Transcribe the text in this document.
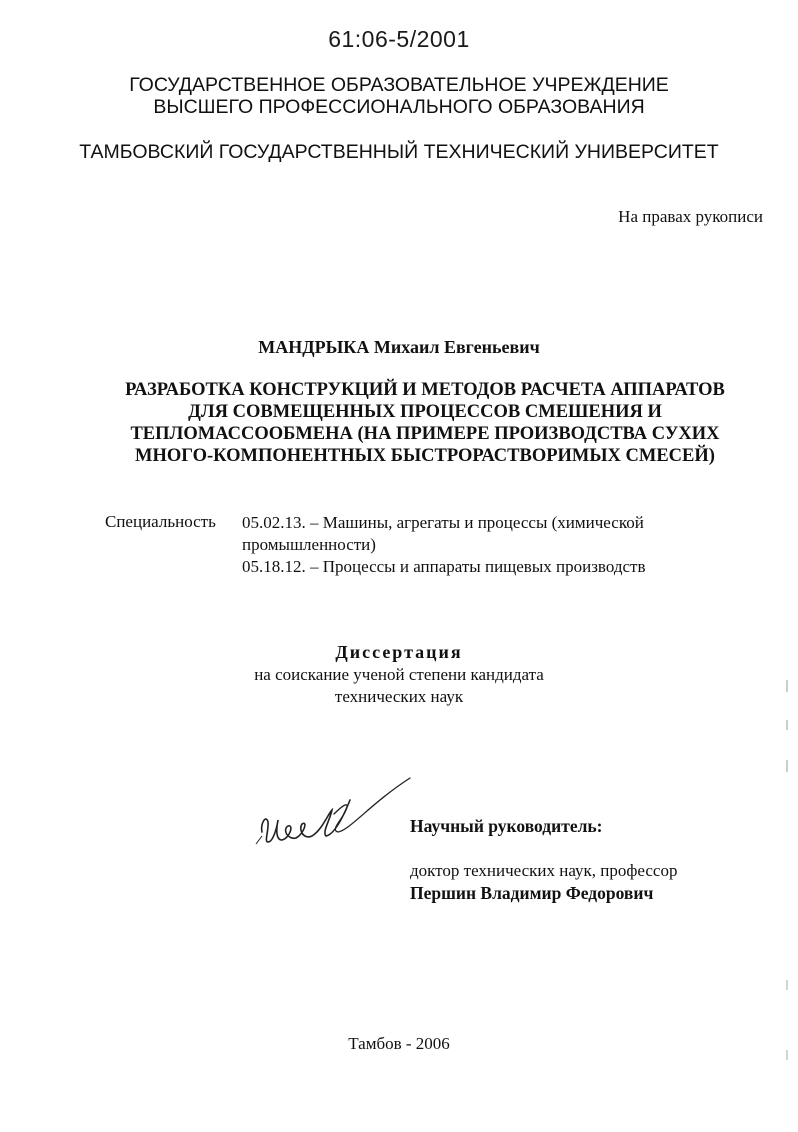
61:06-5/2001
ГОСУДАРСТВЕННОЕ ОБРАЗОВАТЕЛЬНОЕ УЧРЕЖДЕНИЕ
ВЫСШЕГО ПРОФЕССИОНАЛЬНОГО ОБРАЗОВАНИЯ
ТАМБОВСКИЙ ГОСУДАРСТВЕННЫЙ ТЕХНИЧЕСКИЙ УНИВЕРСИТЕТ
На правах рукописи
МАНДРЫКА Михаил Евгеньевич
РАЗРАБОТКА КОНСТРУКЦИЙ И МЕТОДОВ РАСЧЕТА АППАРАТОВ
ДЛЯ СОВМЕЩЕННЫХ ПРОЦЕССОВ СМЕШЕНИЯ И
ТЕПЛОМАССООБМЕНА (НА ПРИМЕРЕ ПРОИЗВОДСТВА СУХИХ
МНОГО-КОМПОНЕНТНЫХ БЫСТРОРАСТВОРИМЫХ СМЕСЕЙ)
Специальность 05.02.13. – Машины, агрегаты и процессы (химической
промышленности)
05.18.12. – Процессы и аппараты пищевых производств
Диссертация
на соискание ученой степени кандидата
технических наук
Научный руководитель:
доктор технических наук, профессор
Першин Владимир Федорович
Тамбов - 2006
